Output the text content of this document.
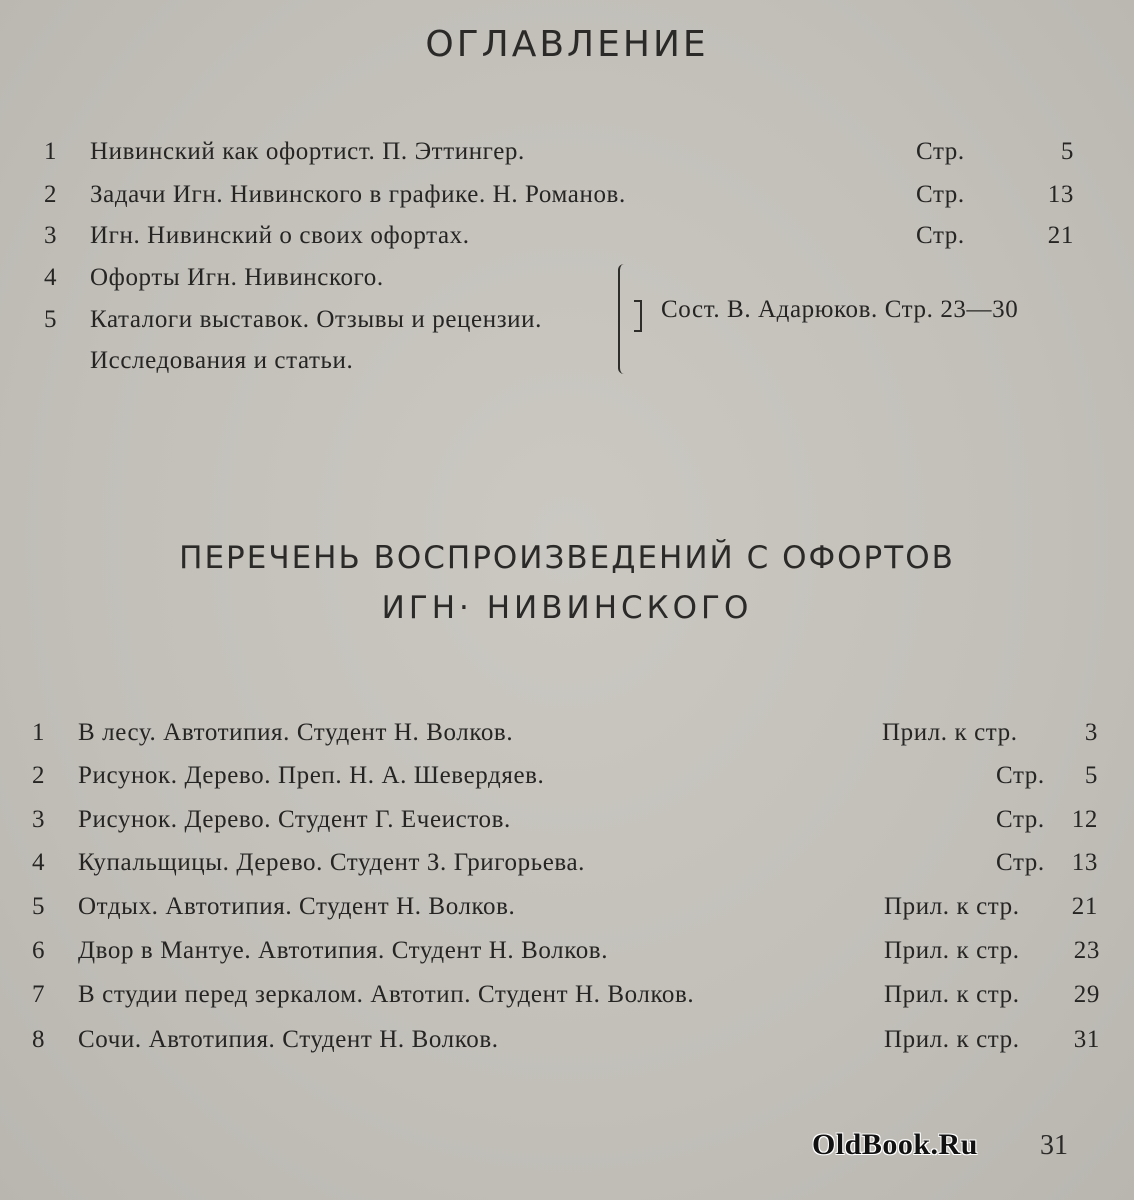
ОГЛАВЛЕНИЕ
1 Нивинский как офортист. П. Эттингер.	Стр.	5
2 Задачи Игн. Нивинского в графике. Н. Романов.	Стр.	13
3 Игн. Нивинский о своих офортах.	Стр.	21
4 Офорты Игн. Нивинского.
5 Каталоги выставок. Отзывы и рецензии.
Исследования и статьи.
Сост. В. Адарюков. Стр. 23—30
ПЕРЕЧЕНЬ ВОСПРОИЗВЕДЕНИЙ С ОФОРТОВ
ИГН· НИВИНСКОГО
1 В лесу. Автотипия. Студент Н. Волков.	Прил. к стр.	3
2 Рисунок. Дерево. Преп. Н. А. Шевердяев.	Стр.	5
3 Рисунок. Дерево. Студент Г. Ечеистов.	Стр.	12
4 Купальщицы. Дерево. Студент З. Григорьева.	Стр.	13
5 Отдых. Автотипия. Студент Н. Волков.	Прил. к стр.	21
6 Двор в Мантуе. Автотипия. Студент Н. Волков.	Прил. к стр.	23
7 В студии перед зеркалом. Автотип. Студент Н. Волков.	Прил. к стр.	29
8 Сочи. Автотипия. Студент Н. Волков.	Прил. к стр.	31
OldBook.Ru 31
